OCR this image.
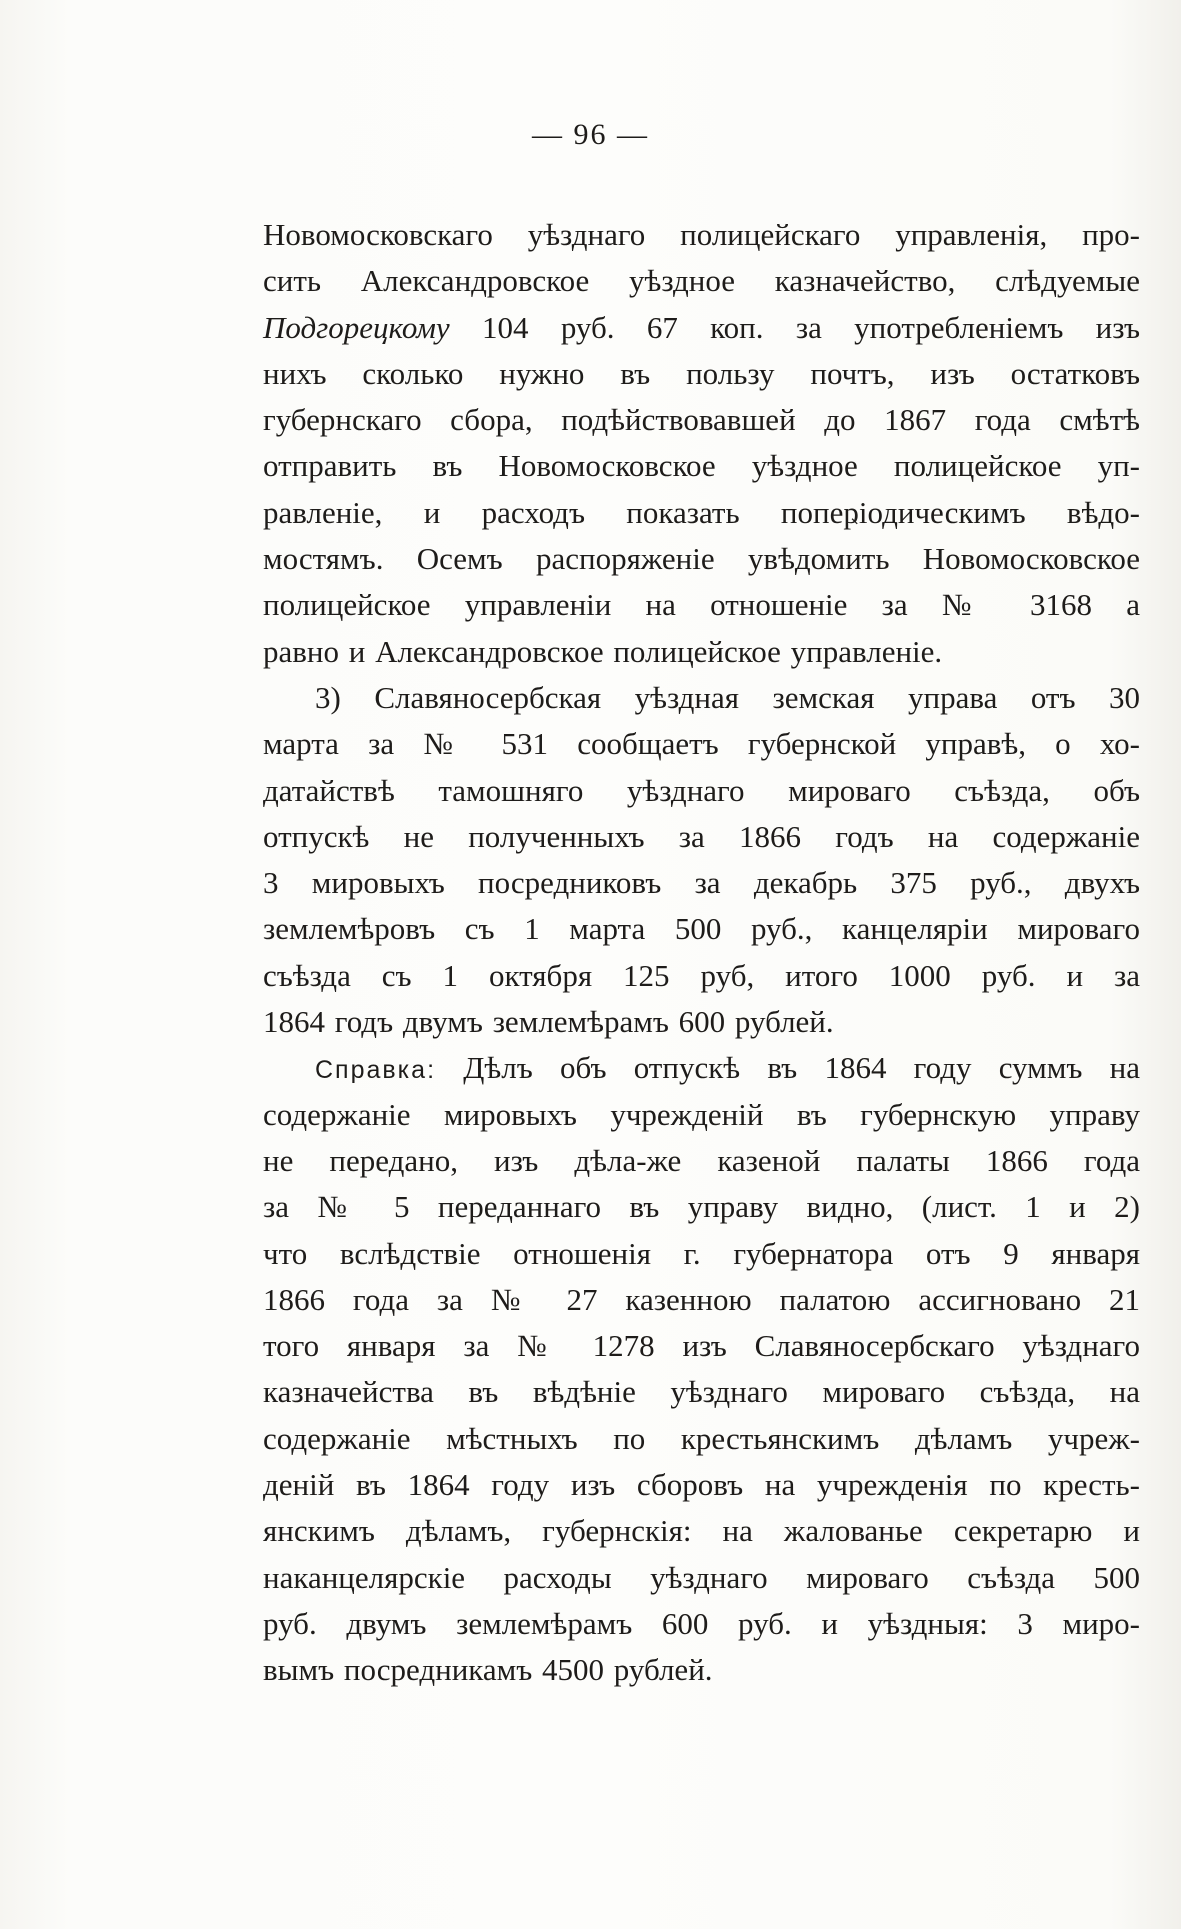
— 96 —
Новомосковскаго уѣзднаго полицейскаго управленія, про-
сить Александровское уѣздное казначейство, слѣдуемые
Подгорецкому 104 руб. 67 коп. за употребленіемъ изъ
нихъ сколько нужно въ пользу почтъ, изъ остатковъ
губернскаго сбора, подѣйствовавшей до 1867 года смѣтѣ
отправить въ Новомосковское уѣздное полицейское уп-
равленіе, и расходъ показать попеҏіодическимъ вѣдо-
мостямъ. Осемъ распоряженіе увѣдомить Новомосковское
полицейское управленіи на отношеніе за № 3168 а
равно и Александровское полицейское управленіе.
3) Славяносербская уѣздная земская управа отъ 30
марта за № 531 сообщаетъ губернской управѣ, о хо-
датайствѣ тамошняго уѣзднаго мироваго съѣзда, объ
отпускѣ не полученныхъ за 1866 годъ на содержаніе
3 мировыхъ посредниковъ за декабрь 375 руб., двухъ
землемѣровъ съ 1 марта 500 руб., канцеляріи мироваго
съѣзда съ 1 октября 125 руб, итого 1000 руб. и за
1864 годъ двумъ землемѣрамъ 600 рублей.
Справка: Дѣлъ объ отпускѣ въ 1864 году суммъ на
содержаніе мировыхъ учрежденій въ губернскую управу
не передано, изъ дѣла-же казеной палаты 1866 года
за № 5 переданнаго въ управу видно, (лист. 1 и 2)
что вслѣдствіе отношенія г. губернатора отъ 9 января
1866 года за № 27 казенною палатою ассигновано 21
того января за № 1278 изъ Славяносербскаго уѣзднаго
казначейства въ вѣдѣніе уѣзднаго мироваго съѣзда, на
содержаніе мѣстныхъ по крестьянскимъ дѣламъ учреж-
деній въ 1864 году изъ сборовъ на учрежденія по кресть-
янскимъ дѣламъ, губернскія: на жалованье секретарю и
наканцелярскіе расходы уѣзднаго мироваго съѣзда 500
руб. двумъ землемѣрамъ 600 руб. и уѣздныя: 3 миро-
вымъ посредникамъ 4500 рублей.
